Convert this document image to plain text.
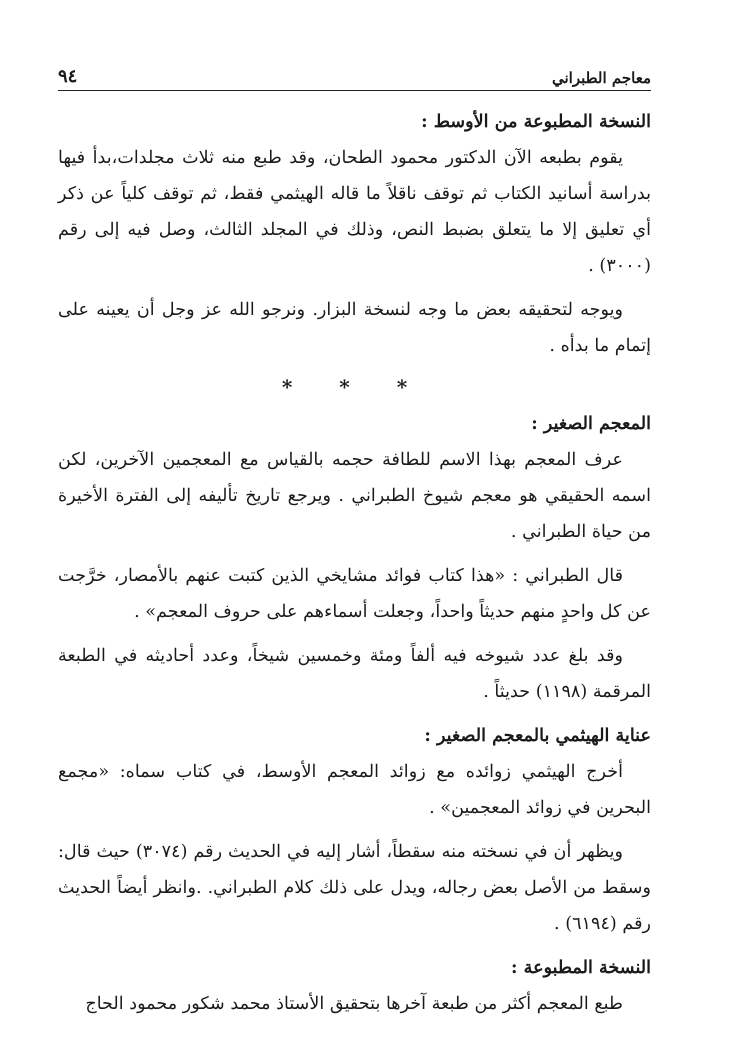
معاجم الطبراني
٩٤

النسخة المطبوعة من الأوسط :

يقوم بطبعه الآن الدكتور محمود الطحان، وقد طبع منه ثلاث مجلدات،بدأ فيها بدراسة أسانيد الكتاب ثم توقف ناقلاً ما قاله الهيثمي فقط، ثم توقف كلياً عن ذكر أي تعليق إلا ما يتعلق بضبط النص، وذلك في المجلد الثالث، وصل فيه إلى رقم (٣٠٠٠) .

ويوجه لتحقيقه بعض ما وجه لنسخة البزار. ونرجو الله عز وجل أن يعينه على إتمام ما بدأه .

* * *

المعجم الصغير :

عرف المعجم بهذا الاسم للطافة حجمه بالقياس مع المعجمين الآخرين، لكن اسمه الحقيقي هو معجم شيوخ الطبراني . ويرجع تاريخ تأليفه إلى الفترة الأخيرة من حياة الطبراني .

قال الطبراني : «هذا كتاب فوائد مشايخي الذين كتبت عنهم بالأمصار، خرَّجت عن كل واحدٍ منهم حديثاً واحداً، وجعلت أسماءهم على حروف المعجم» .

وقد بلغ عدد شيوخه فيه ألفاً ومئة وخمسين شيخاً، وعدد أحاديثه في الطبعة المرقمة (١١٩٨) حديثاً .

عناية الهيثمي بالمعجم الصغير :

أخرج الهيثمي زوائده مع زوائد المعجم الأوسط، في كتاب سماه: «مجمع البحرين في زوائد المعجمين» .

ويظهر أن في نسخته منه سقطاً، أشار إليه في الحديث رقم (٣٠٧٤) حيث قال: وسقط من الأصل بعض رجاله، ويدل على ذلك كلام الطبراني. .وانظر أيضاً الحديث رقم (٦١٩٤) .

النسخة المطبوعة :

طبع المعجم أكثر من طبعة آخرها بتحقيق الأستاذ محمد شكور محمود الحاج
